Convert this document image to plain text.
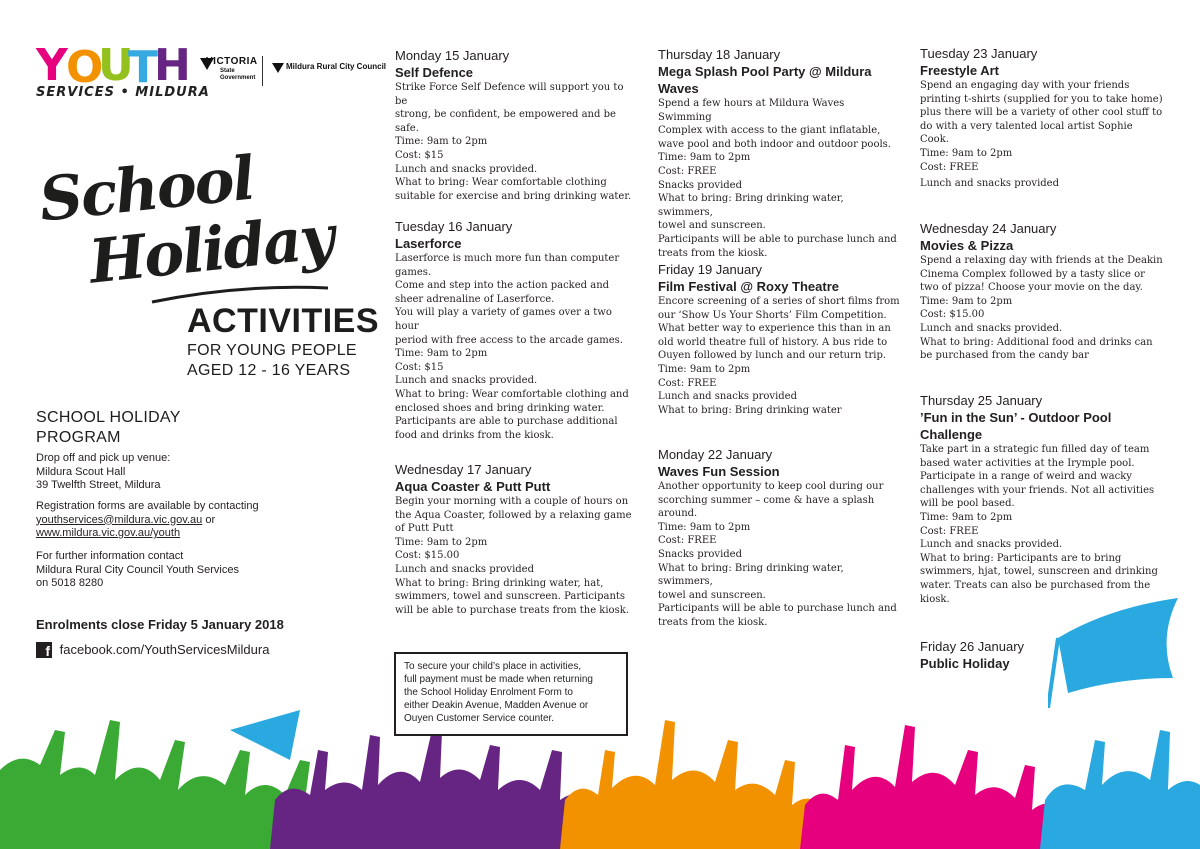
Y O
U
T
H
SERVICES • MILDURA
VICTORIA
State
Government
Mildura Rural City Council
School
Holiday
ACTIVITIES
FOR YOUNG PEOPLE
AGED 12 - 16 YEARS
SCHOOL HOLIDAY
PROGRAM
Drop off and pick up venue:
Mildura Scout Hall
39 Twelfth Street, Mildura
Registration forms are available by contacting
youthservices@mildura.vic.gov.au or
www.mildura.vic.gov.au/youth
For further information contact
Mildura Rural City Council Youth Services
on 5018 8280
Enrolments close Friday 5 January 2018
f facebook.com/YouthServicesMildura
To secure your child’s place in activities,
full payment must be made when returning
the School Holiday Enrolment Form to
either Deakin Avenue, Madden Avenue or
Ouyen Customer Service counter.
Monday 15 January
Self Defence
Strike Force Self Defence will support you to be
strong, be confident, be empowered and be
safe.
Time: 9am to 2pm
Cost: $15
Lunch and snacks provided.
What to bring: Wear comfortable clothing
suitable for exercise and bring drinking water.
Tuesday 16 January
Laserforce
Laserforce is much more fun than computer
games.
Come and step into the action packed and
sheer adrenaline of Laserforce.
You will play a variety of games over a two hour
period with free access to the arcade games.
Time: 9am to 2pm
Cost: $15
Lunch and snacks provided.
What to bring: Wear comfortable clothing and
enclosed shoes and bring drinking water.
Participants are able to purchase additional
food and drinks from the kiosk.
Wednesday 17 January
Aqua Coaster & Putt Putt
Begin your morning with a couple of hours on
the Aqua Coaster, followed by a relaxing game
of Putt Putt
Time: 9am to 2pm
Cost: $15.00
Lunch and snacks provided
What to bring: Bring drinking water, hat,
swimmers, towel and sunscreen. Participants
will be able to purchase treats from the kiosk.
Thursday 18 January
Mega Splash Pool Party @ Mildura
Waves
Spend a few hours at Mildura Waves Swimming
Complex with access to the giant inflatable,
wave pool and both indoor and outdoor pools.
Time: 9am to 2pm
Cost: FREE
Snacks provided
What to bring: Bring drinking water, swimmers,
towel and sunscreen.
Participants will be able to purchase lunch and
treats from the kiosk.
Friday 19 January
Film Festival @ Roxy Theatre
Encore screening of a series of short films from
our ‘Show Us Your Shorts’ Film Competition.
What better way to experience this than in an
old world theatre full of history. A bus ride to
Ouyen followed by lunch and our return trip.
Time: 9am to 2pm
Cost: FREE
Lunch and snacks provided
What to bring: Bring drinking water
Monday 22 January
Waves Fun Session
Another opportunity to keep cool during our
scorching summer – come & have a splash
around.
Time: 9am to 2pm
Cost: FREE
Snacks provided
What to bring: Bring drinking water, swimmers,
towel and sunscreen.
Participants will be able to purchase lunch and
treats from the kiosk.
Tuesday 23 January
Freestyle Art
Spend an engaging day with your friends
printing t-shirts (supplied for you to take home)
plus there will be a variety of other cool stuff to
do with a very talented local artist Sophie
Cook.
Time: 9am to 2pm
Cost: FREE
Lunch and snacks provided
Wednesday 24 January
Movies & Pizza
Spend a relaxing day with friends at the Deakin
Cinema Complex followed by a tasty slice or
two of pizza! Choose your movie on the day.
Time: 9am to 2pm
Cost: $15.00
Lunch and snacks provided.
What to bring: Additional food and drinks can
be purchased from the candy bar
Thursday 25 January
’Fun in the Sun’ - Outdoor Pool
Challenge
Take part in a strategic fun filled day of team
based water activities at the Irymple pool.
Participate in a range of weird and wacky
challenges with your friends. Not all activities
will be pool based.
Time: 9am to 2pm
Cost: FREE
Lunch and snacks provided.
What to bring: Participants are to bring
swimmers, hjat, towel, sunscreen and drinking
water. Treats can also be purchased from the
kiosk.
Friday 26 January
Public Holiday
